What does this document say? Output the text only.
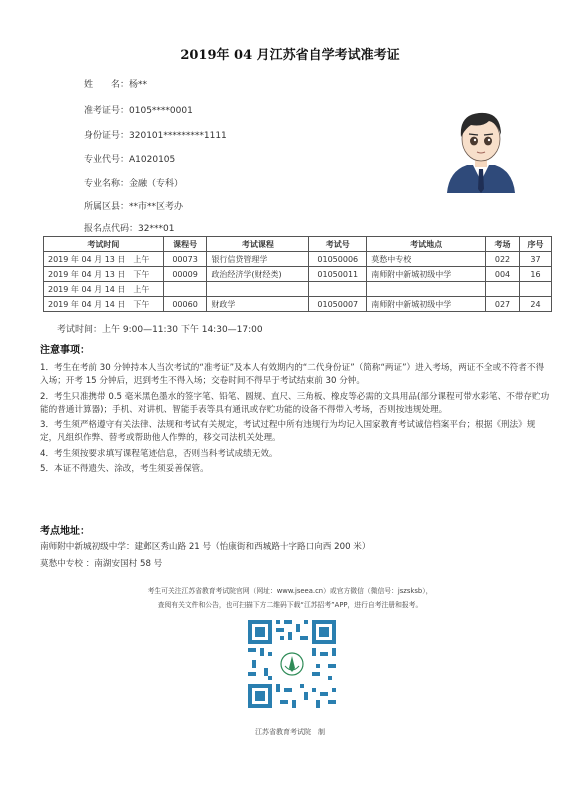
2019年 04 月江苏省自学考试准考证
姓　　名：杨**
准考证号：0105****0001
身份证号：320101*********1111
专业代号：A1020105
专业名称：金融（专科）
所属区县：**市**区考办
报名点代码：32***01
考试时间	课程号	考试课程	考试号	考试地点	考场	序号
2019 年 04 月 13 日　上午	00073	银行信贷管理学	01050006	莫愁中专校	022	37
2019 年 04 月 13 日　下午	00009	政治经济学(财经类)	01050011	南师附中新城初级中学	004	16
2019 年 04 月 14 日　上午						
2019 年 04 月 14 日　下午	00060	财政学	01050007	南师附中新城初级中学	027	24
考试时间：上午 9:00—11:30 下午 14:30—17:00
注意事项：
1．考生在考前 30 分钟持本人当次考试的“准考证”及本人有效期内的“二代身份证”（简称“两证”）进入考场，两证不全或不符者不得入场；开考 15 分钟后，迟到考生不得入场；交卷时间不得早于考试结束前 30 分钟。
2．考生只准携带 0.5 毫米黑色墨水的签字笔、铅笔、圆规、直尺、三角板、橡皮等必需的文具用品(部分课程可带水彩笔、不带存贮功能的普通计算器)；手机、对讲机、智能手表等具有通讯或存贮功能的设备不得带入考场，否则按违规处理。
3．考生须严格遵守有关法律、法规和考试有关规定，考试过程中所有违规行为均记入国家教育考试诚信档案平台；根据《刑法》规定，凡组织作弊、替考或帮助他人作弊的，移交司法机关处理。
4．考生须按要求填写课程笔迹信息，否则当科考试成绩无效。
5．本证不得遗失、涂改，考生须妥善保管。
考点地址：
南师附中新城初级中学：建邺区秀山路 21 号（怡康街和西城路十字路口向西 200 米）
莫愁中专校 ：南湖安国村 58 号
考生可关注江苏省教育考试院官网（网址：www.jseea.cn）或官方微信（微信号：jszsksb），
查阅有关文件和公告，也可扫描下方二维码下载“江苏招考”APP，进行自考注册和报考。
江苏省教育考试院　制
